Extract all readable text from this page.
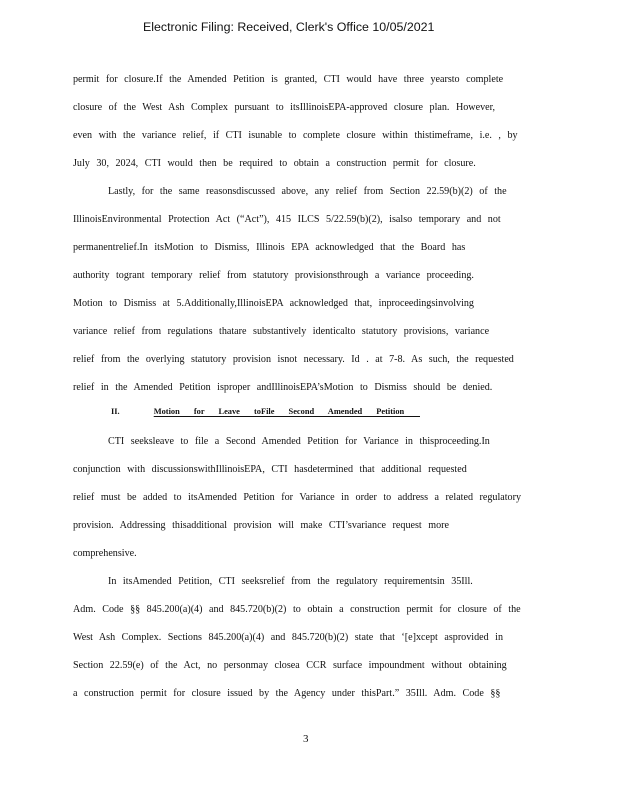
Electronic Filing: Received, Clerk's Office 10/05/2021
permit for closure.If the Amended Petition is granted, CTI would have three yearsto complete
closure of the West Ash Complex pursuant to itsIllinoisEPA-approved closure plan. However,
even with the variance relief, if CTI isunable to complete closure within thistimeframe, i.e. , by
July 30, 2024, CTI would then be required to obtain a construction permit for closure.
Lastly, for the same reasonsdiscussed above, any relief from Section 22.59(b)(2) of the
IllinoisEnvironmental Protection Act (“Act”), 415 ILCS 5/22.59(b)(2), isalso temporary and not
permanentrelief.In itsMotion to Dismiss, Illinois EPA acknowledged that the Board has
authority togrant temporary relief from statutory provisionsthrough a variance proceeding.
Motion to Dismiss at 5.Additionally,IllinoisEPA acknowledged that, inproceedingsinvolving
variance relief from regulations thatare substantively identicalto statutory provisions, variance
relief from the overlying statutory provision isnot necessary. Id . at 7-8. As such, the requested
relief in the Amended Petition isproper andIllinoisEPA’sMotion to Dismiss should be denied.
II.	Motion for Leave toFile Second Amended Petition
CTI seeksleave to file a Second Amended Petition for Variance in thisproceeding.In
conjunction with discussionswithIllinoisEPA, CTI hasdetermined that additional requested
relief must be added to itsAmended Petition for Variance in order to address a related regulatory
provision. Addressing thisadditional provision will make CTI’svariance request more
comprehensive.
In itsAmended Petition, CTI seeksrelief from the regulatory requirementsin 35Ill.
Adm. Code §§ 845.200(a)(4) and 845.720(b)(2) to obtain a construction permit for closure of the
West Ash Complex. Sections 845.200(a)(4) and 845.720(b)(2) state that ‘[e]xcept asprovided in
Section 22.59(e) of the Act, no personmay closea CCR surface impoundment without obtaining
a construction permit for closure issued by the Agency under thisPart.” 35Ill. Adm. Code §§
3
